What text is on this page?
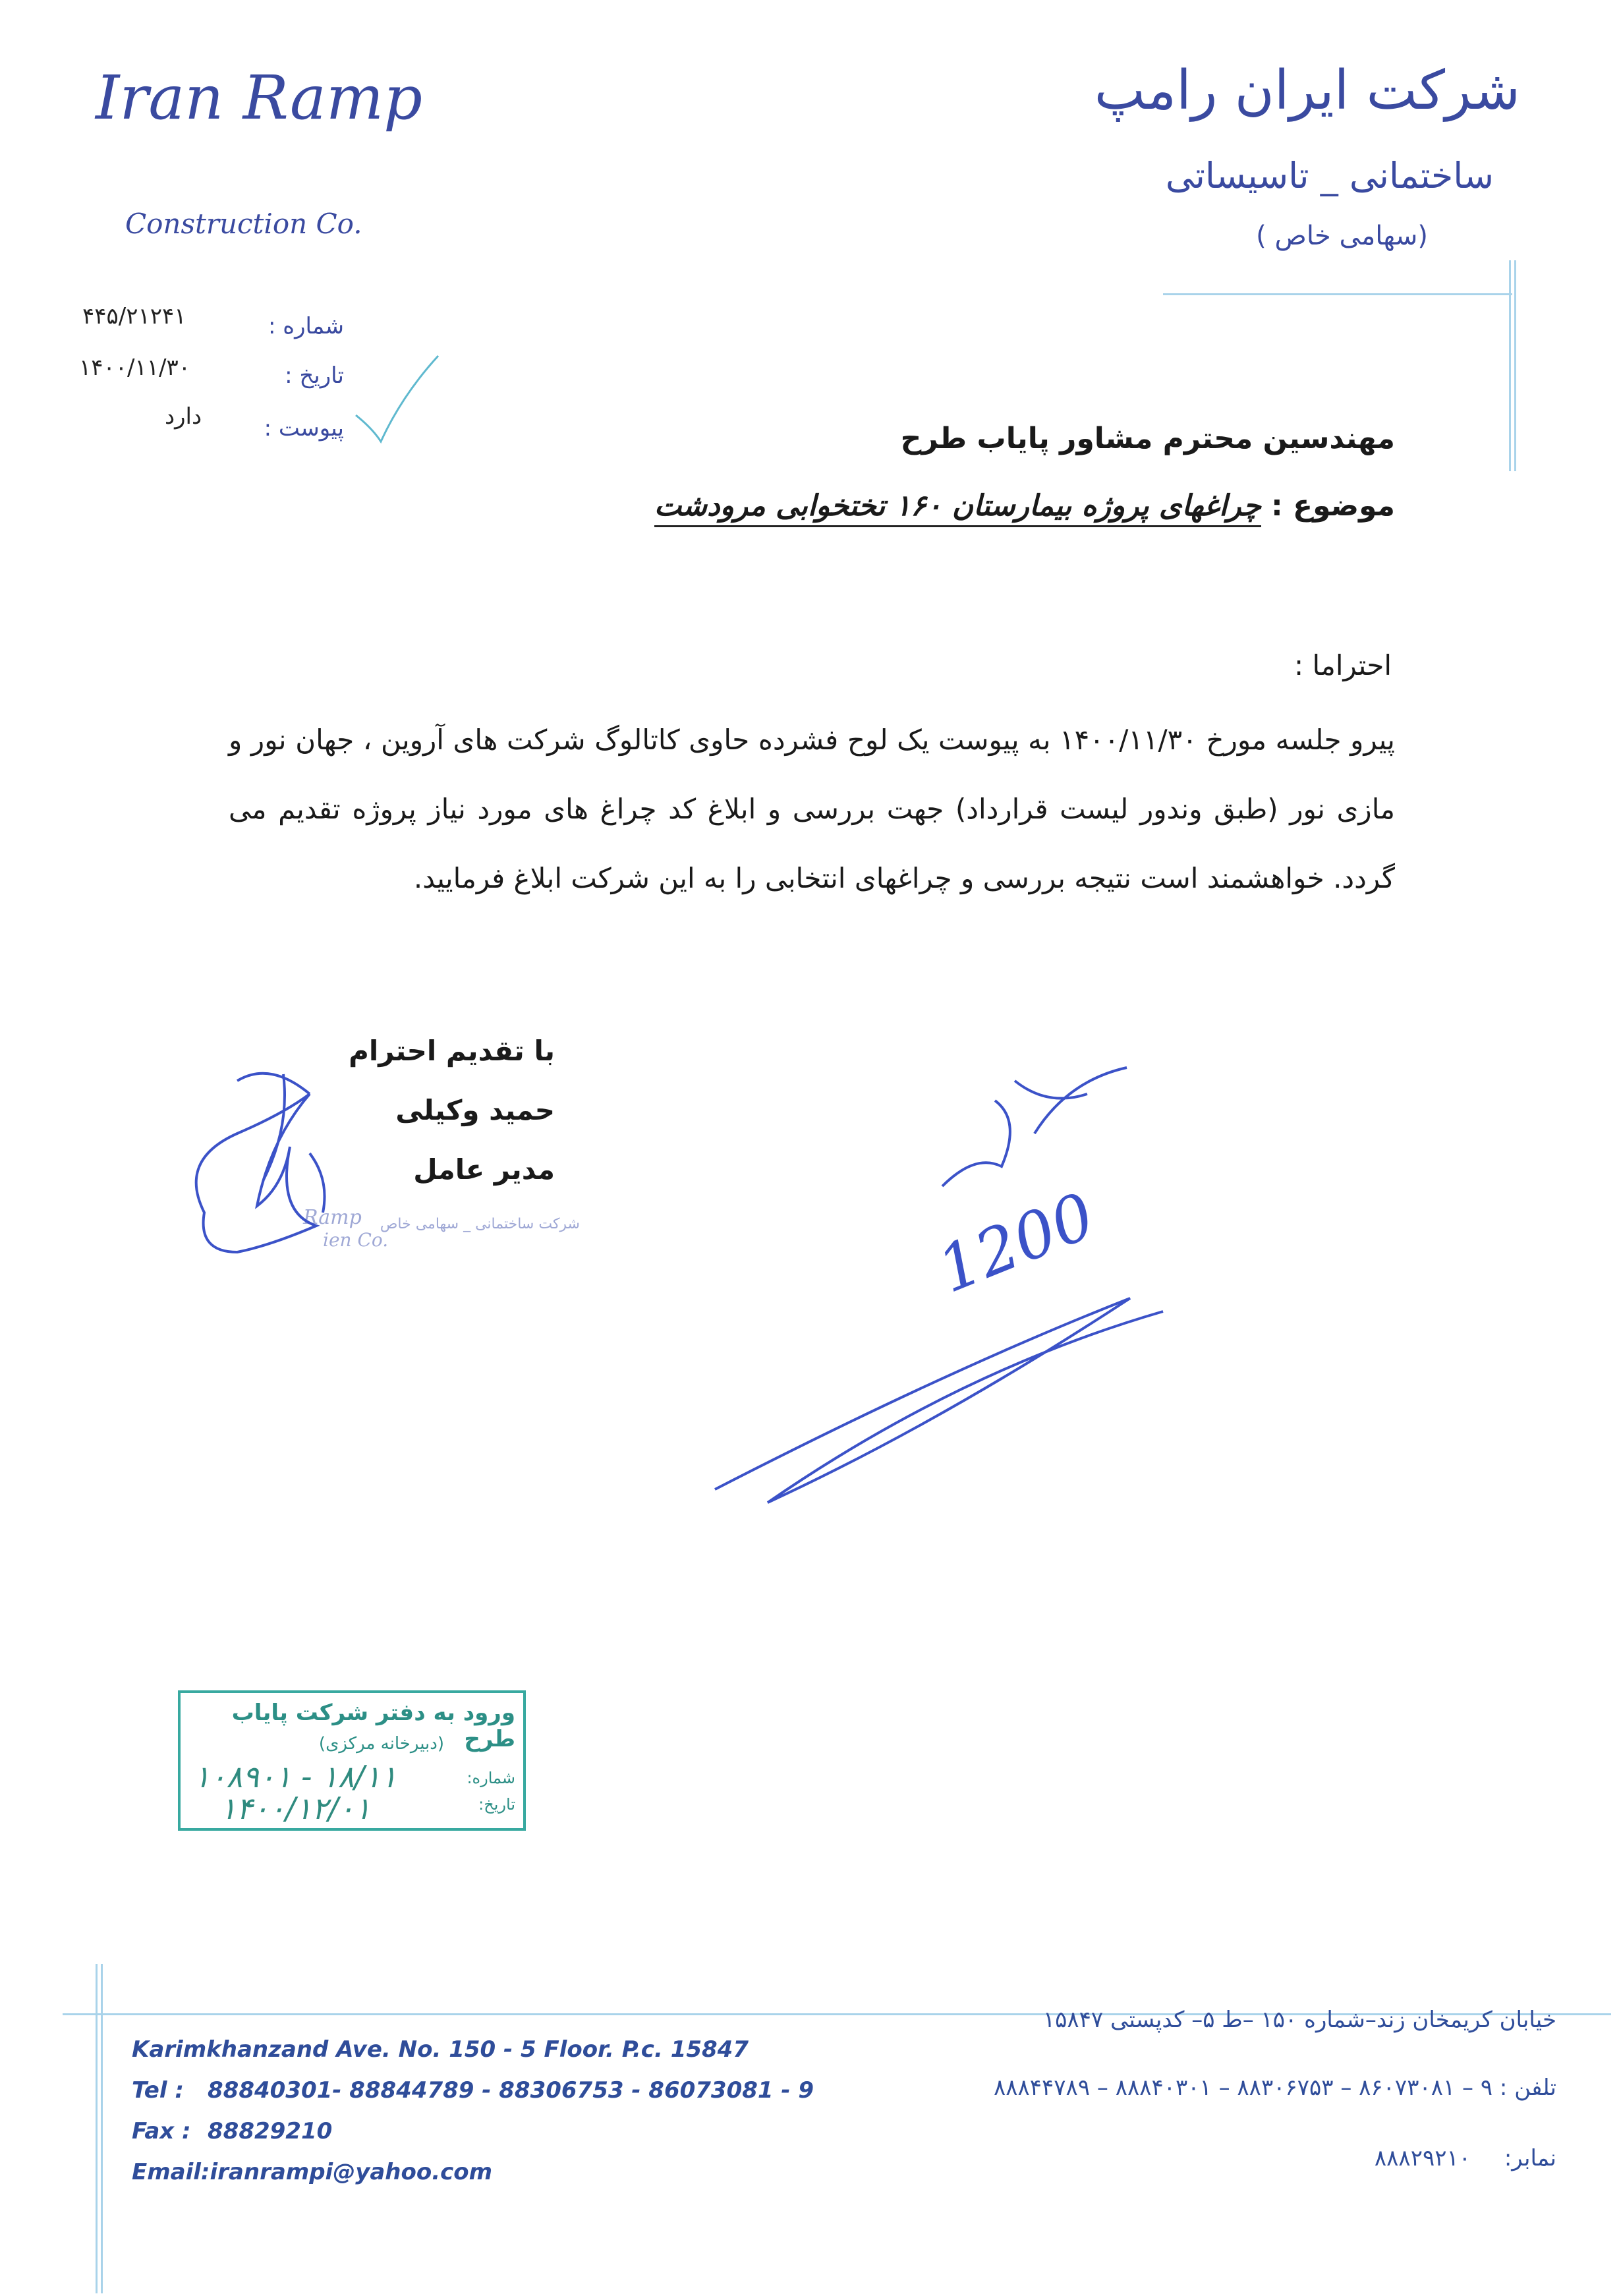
Iran Ramp
Construction Co.
شرکت ایران رامپ
ساختمانی _ تاسیساتی
(سهامی خاص )
شماره :
۴۴۵/۲۱۲۴۱
تاریخ :
۱۴۰۰/۱۱/۳۰
پیوست :
دارد
مهندسین محترم مشاور پایاب طرح
موضوع : چراغهای پروژه بیمارستان ۱۶۰ تختخوابی مرودشت
احتراما :
پیرو جلسه مورخ ۱۴۰۰/۱۱/۳۰ به پیوست یک لوح فشرده حاوی کاتالوگ شرکت های آروین ، جهان نور و مازی نور (طبق وندور لیست قرارداد) جهت بررسی و ابلاغ کد چراغ های مورد نیاز پروژه تقدیم می گردد. خواهشمند است نتیجه بررسی و چراغهای انتخابی را به این شرکت ابلاغ فرمایید.
با تقدیم احترام
حمید وکیلی
مدیر عامل
Ramp
ien Co.
شرکت ساختمانی _ سهامی خاص	1200
ورود به دفتر شرکت پایاب طرح
(دبیرخانه مرکزی)
شماره:
تاریخ:
۱۰۸۹۰۱ - ۱۸/۱۱
۱۴۰۰/۱۲/۰۱
Karimkhanzand Ave. No. 150 - 5 Floor. P.c. 15847
Tel : 88840301- 88844789 - 88306753 - 86073081 - 9
Fax : 88829210
Email:iranrampi@yahoo.com
خیابان کریمخان زند–شماره ۱۵۰ –ط ۵– کدپستی ۱۵۸۴۷
تلفن : ۹ – ۸۶۰۷۳۰۸۱ – ۸۸۳۰۶۷۵۳ – ۸۸۸۴۰۳۰۱ – ۸۸۸۴۴۷۸۹
نمابر:
۸۸۸۲۹۲۱۰
